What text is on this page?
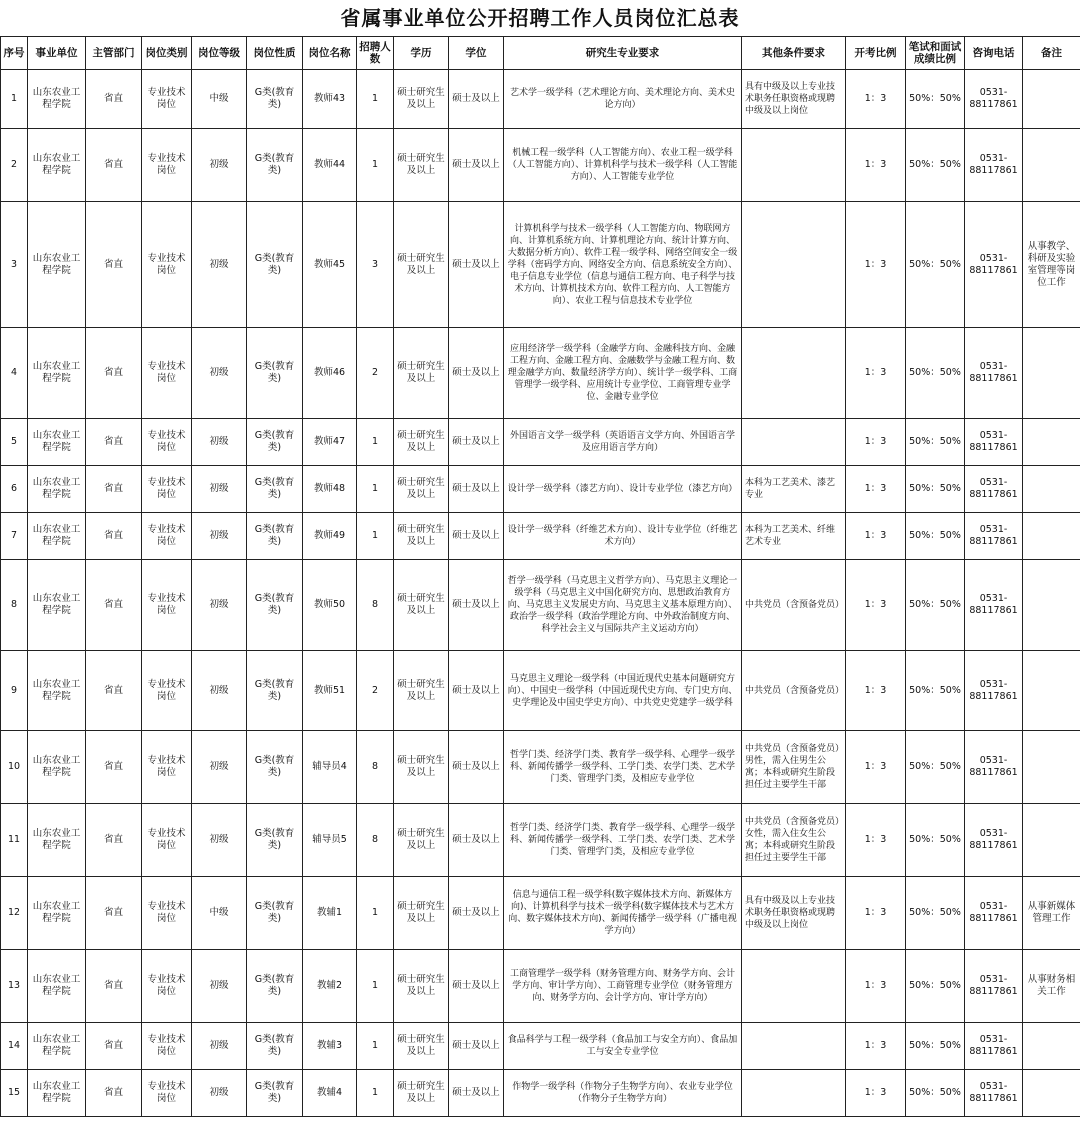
省属事业单位公开招聘工作人员岗位汇总表
序号	事业单位	主管部门	岗位类别	岗位等级	岗位性质	岗位名称	招聘人数	学历	学位	研究生专业要求	其他条件要求	开考比例	笔试和面试成绩比例	咨询电话	备注
1	山东农业工程学院	省直	专业技术岗位	中级	G类(教育类)	教师43	1	硕士研究生及以上	硕士及以上	艺术学一级学科（艺术理论方向、美术理论方向、美术史论方向）	具有中级及以上专业技术职务任职资格或现聘中级及以上岗位	1：3	50%：50%	0531-88117861	
2	山东农业工程学院	省直	专业技术岗位	初级	G类(教育类)	教师44	1	硕士研究生及以上	硕士及以上	机械工程一级学科（人工智能方向）、农业工程一级学科（人工智能方向）、计算机科学与技术一级学科（人工智能方向）、人工智能专业学位		1：3	50%：50%	0531-88117861	
3	山东农业工程学院	省直	专业技术岗位	初级	G类(教育类)	教师45	3	硕士研究生及以上	硕士及以上	计算机科学与技术一级学科（人工智能方向、物联网方向、计算机系统方向、计算机理论方向、统计计算方向、大数据分析方向）、软件工程一级学科、网络空间安全一级学科（密码学方向、网络安全方向、信息系统安全方向）、电子信息专业学位（信息与通信工程方向、电子科学与技术方向、计算机技术方向、软件工程方向、人工智能方向）、农业工程与信息技术专业学位		1：3	50%：50%	0531-88117861	从事教学、科研及实验室管理等岗位工作
4	山东农业工程学院	省直	专业技术岗位	初级	G类(教育类)	教师46	2	硕士研究生及以上	硕士及以上	应用经济学一级学科（金融学方向、金融科技方向、金融工程方向、金融工程方向、金融数学与金融工程方向、数理金融学方向、数量经济学方向）、统计学一级学科、工商管理学一级学科、应用统计专业学位、工商管理专业学位、金融专业学位		1：3	50%：50%	0531-88117861	
5	山东农业工程学院	省直	专业技术岗位	初级	G类(教育类)	教师47	1	硕士研究生及以上	硕士及以上	外国语言文学一级学科（英语语言文学方向、外国语言学及应用语言学方向）		1：3	50%：50%	0531-88117861	
6	山东农业工程学院	省直	专业技术岗位	初级	G类(教育类)	教师48	1	硕士研究生及以上	硕士及以上	设计学一级学科（漆艺方向）、设计专业学位（漆艺方向）	本科为工艺美术、漆艺专业	1：3	50%：50%	0531-88117861	
7	山东农业工程学院	省直	专业技术岗位	初级	G类(教育类)	教师49	1	硕士研究生及以上	硕士及以上	设计学一级学科（纤维艺术方向）、设计专业学位（纤维艺术方向）	本科为工艺美术、纤维艺术专业	1：3	50%：50%	0531-88117861	
8	山东农业工程学院	省直	专业技术岗位	初级	G类(教育类)	教师50	8	硕士研究生及以上	硕士及以上	哲学一级学科（马克思主义哲学方向）、马克思主义理论一级学科（马克思主义中国化研究方向、思想政治教育方向、马克思主义发展史方向、马克思主义基本原理方向）、政治学一级学科（政治学理论方向、中外政治制度方向、科学社会主义与国际共产主义运动方向）	中共党员（含预备党员）	1：3	50%：50%	0531-88117861	
9	山东农业工程学院	省直	专业技术岗位	初级	G类(教育类)	教师51	2	硕士研究生及以上	硕士及以上	马克思主义理论一级学科（中国近现代史基本问题研究方向）、中国史一级学科（中国近现代史方向、专门史方向、史学理论及中国史学史方向）、中共党史党建学一级学科	中共党员（含预备党员）	1：3	50%：50%	0531-88117861	
10	山东农业工程学院	省直	专业技术岗位	初级	G类(教育类)	辅导员4	8	硕士研究生及以上	硕士及以上	哲学门类、经济学门类、教育学一级学科、心理学一级学科、新闻传播学一级学科、工学门类、农学门类、艺术学门类、管理学门类，及相应专业学位	中共党员（含预备党员）男性，需入住男生公寓；本科或研究生阶段担任过主要学生干部	1：3	50%：50%	0531-88117861	
11	山东农业工程学院	省直	专业技术岗位	初级	G类(教育类)	辅导员5	8	硕士研究生及以上	硕士及以上	哲学门类、经济学门类、教育学一级学科、心理学一级学科、新闻传播学一级学科、工学门类、农学门类、艺术学门类、管理学门类，及相应专业学位	中共党员（含预备党员）女性，需入住女生公寓；本科或研究生阶段担任过主要学生干部	1：3	50%：50%	0531-88117861	
12	山东农业工程学院	省直	专业技术岗位	中级	G类(教育类)	教辅1	1	硕士研究生及以上	硕士及以上	信息与通信工程一级学科(数字媒体技术方向、新媒体方向)、计算机科学与技术一级学科(数字媒体技术与艺术方向、数字媒体技术方向)、新闻传播学一级学科（广播电视学方向）	具有中级及以上专业技术职务任职资格或现聘中级及以上岗位	1：3	50%：50%	0531-88117861	从事新媒体管理工作
13	山东农业工程学院	省直	专业技术岗位	初级	G类(教育类)	教辅2	1	硕士研究生及以上	硕士及以上	工商管理学一级学科（财务管理方向、财务学方向、会计学方向、审计学方向）、工商管理专业学位（财务管理方向、财务学方向、会计学方向、审计学方向）		1：3	50%：50%	0531-88117861	从事财务相关工作
14	山东农业工程学院	省直	专业技术岗位	初级	G类(教育类)	教辅3	1	硕士研究生及以上	硕士及以上	食品科学与工程一级学科（食品加工与安全方向）、食品加工与安全专业学位		1：3	50%：50%	0531-88117861	
15	山东农业工程学院	省直	专业技术岗位	初级	G类(教育类)	教辅4	1	硕士研究生及以上	硕士及以上	作物学一级学科（作物分子生物学方向）、农业专业学位（作物分子生物学方向）		1：3	50%：50%	0531-88117861	
